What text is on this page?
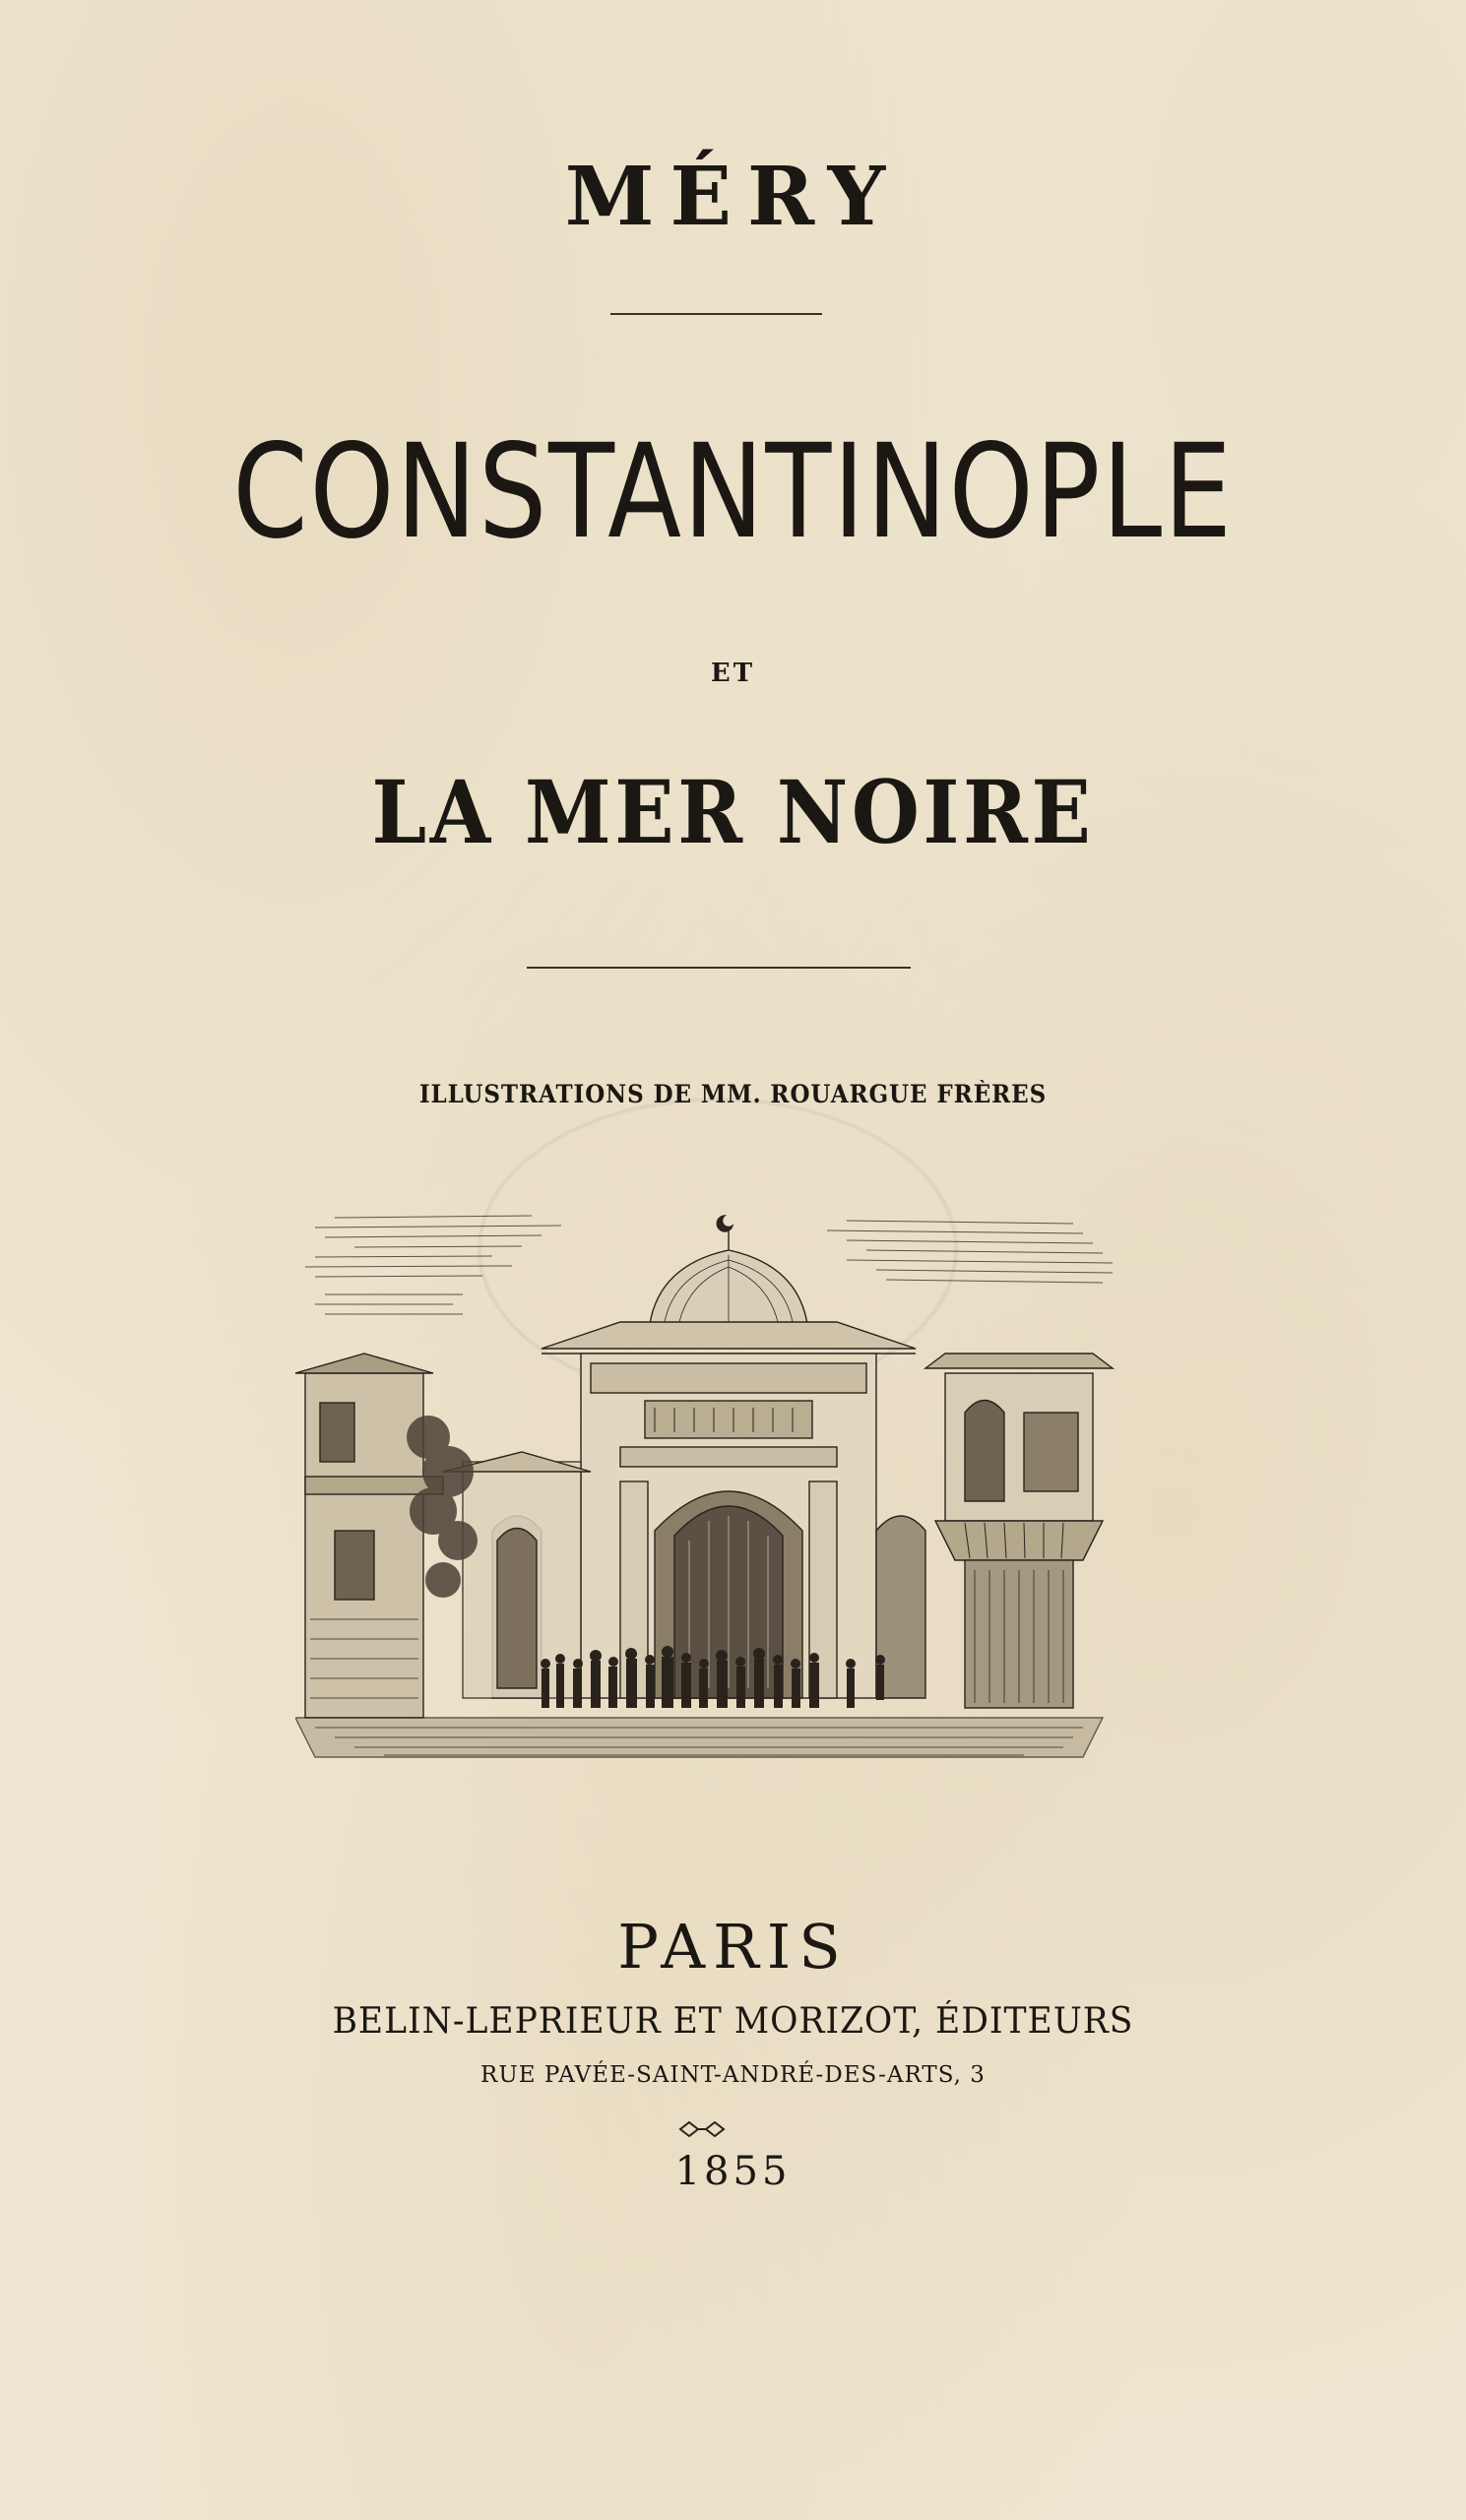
MÉRY
CONSTANTINOPLE
ET
LA MER NOIRE
ILLUSTRATIONS DE MM. ROUARGUE FRÈRES
PARIS
BELIN-LEPRIEUR ET MORIZOT, ÉDITEURS
RUE PAVÉE-SAINT-ANDRÉ-DES-ARTS, 3
1855
